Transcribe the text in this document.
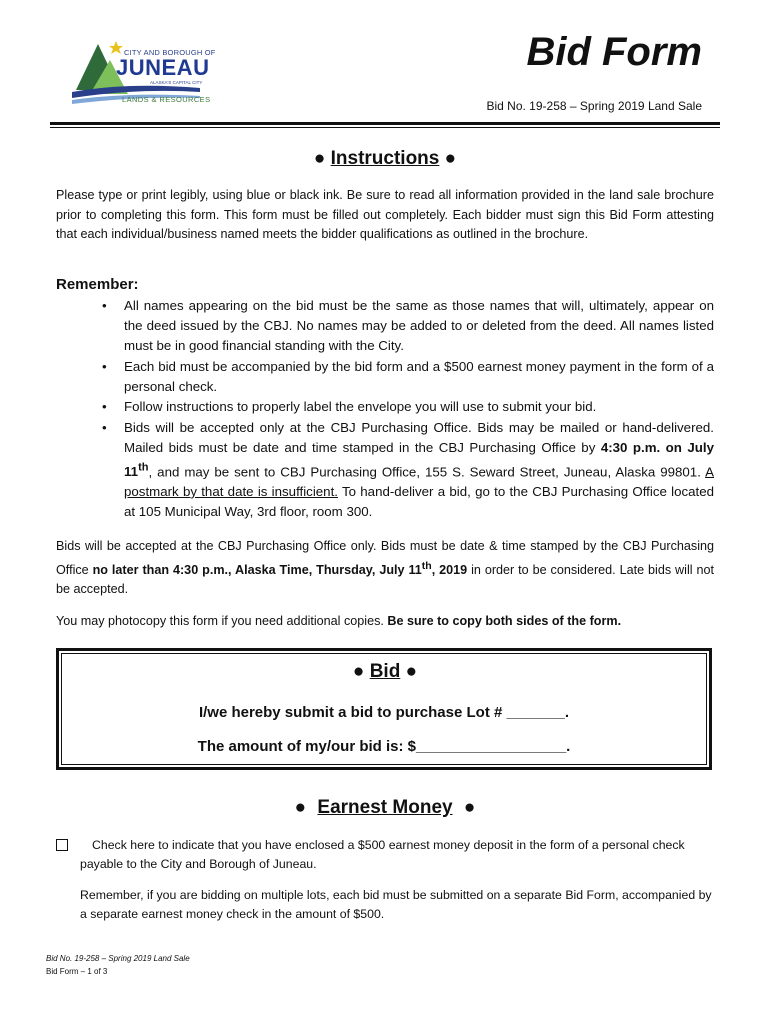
CITY AND BOROUGH OF
JUNEAU
ALASKA'S CAPITAL CITY
LANDS & RESOURCES
Bid Form
Bid No. 19-258 – Spring 2019 Land Sale
● Instructions ●
Please type or print legibly, using blue or black ink. Be sure to read all information provided in the land sale brochure prior to completing this form. This form must be filled out completely. Each bidder must sign this Bid Form attesting that each individual/business named meets the bidder qualifications as outlined in the brochure.
Remember:
• All names appearing on the bid must be the same as those names that will, ultimately, appear on the deed issued by the CBJ. No names may be added to or deleted from the deed. All names listed must be in good financial standing with the City.
• Each bid must be accompanied by the bid form and a $500 earnest money payment in the form of a personal check.
• Follow instructions to properly label the envelope you will use to submit your bid.
• Bids will be accepted only at the CBJ Purchasing Office. Bids may be mailed or hand-delivered. Mailed bids must be date and time stamped in the CBJ Purchasing Office by 4:30 p.m. on July 11th, and may be sent to CBJ Purchasing Office, 155 S. Seward Street, Juneau, Alaska 99801. A postmark by that date is insufficient. To hand-deliver a bid, go to the CBJ Purchasing Office located at 105 Municipal Way, 3rd floor, room 300.
Bids will be accepted at the CBJ Purchasing Office only. Bids must be date & time stamped by the CBJ Purchasing Office no later than 4:30 p.m., Alaska Time, Thursday, July 11th, 2019 in order to be considered. Late bids will not be accepted.
You may photocopy this form if you need additional copies. Be sure to copy both sides of the form.
● Bid ●
I/we hereby submit a bid to purchase Lot # _______.
The amount of my/our bid is: $__________________.
● Earnest Money ●
Check here to indicate that you have enclosed a $500 earnest money deposit in the form of a personal check payable to the City and Borough of Juneau.
Remember, if you are bidding on multiple lots, each bid must be submitted on a separate Bid Form, accompanied by a separate earnest money check in the amount of $500.
Bid No. 19-258 – Spring 2019 Land Sale
Bid Form – 1 of 3
